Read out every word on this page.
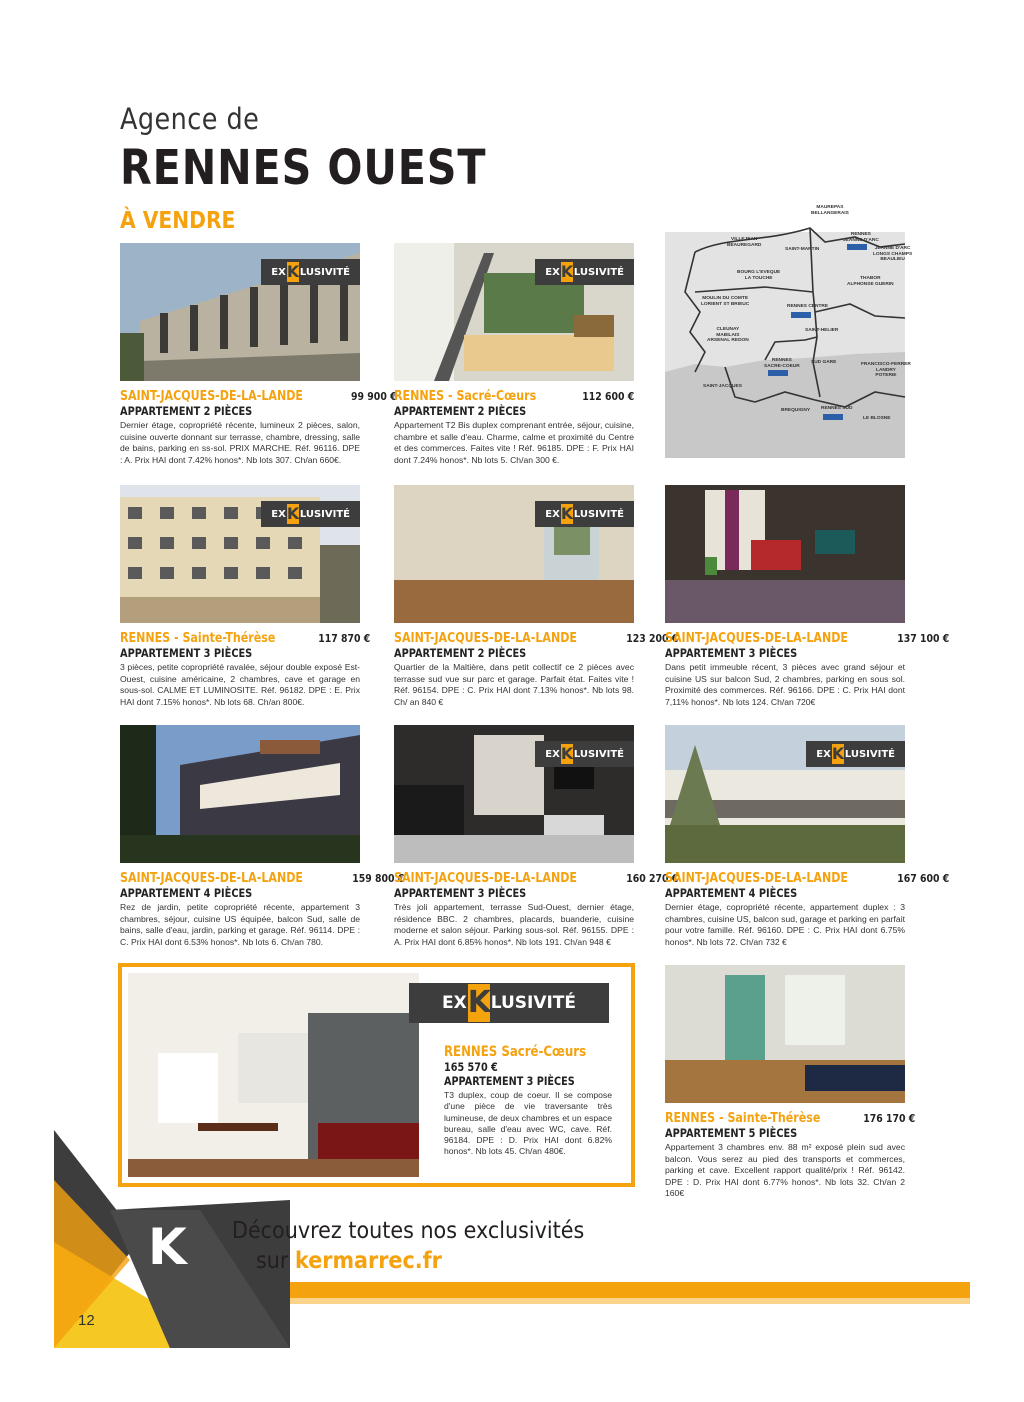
Agence de
RENNES OUEST
À VENDRE
EX K LUSIVITÉ
SAINT-JACQUES-DE-LA-LANDE	99 900 €
APPARTEMENT 2 PIÈCES
Dernier étage, copropriété récente, lumineux 2 pièces, salon, cuisine ouverte donnant sur terrasse, chambre, dressing, salle de bains, parking en ss-sol. PRIX MARCHE. Réf. 96116. DPE : A. Prix HAI dont 7.42% honos*. Nb lots 307. Ch/an 660€.
EX K LUSIVITÉ
RENNES - Sacré-Cœurs	112 600 €
APPARTEMENT 2 PIÈCES
Appartement T2 Bis duplex comprenant entrée, séjour, cuisine, chambre et salle d'eau. Charme, calme et proximité du Centre et des commerces. Faites vite ! Réf. 96185. DPE : F. Prix HAI dont 7.24% honos*. Nb lots 5. Ch/an 300 €.
MAUREPAS
BELLANGERAIS
VILLEJEAN
BEAUREGARD
SAINT-MARTIN
RENNES
JEANNE D'ARC
JEANNE D'ARC
LONGS CHAMPS
BEAULIEU
BOURG L'EVEQUE
LA TOUCHE	THABOR
ALPHONSE GUERIN
MOULIN DU COMTE
LORIENT ST BRIEUC	RENNES CENTRE
SAINT-HELIER
CLEUNAY
MABILAIS
ARSENAL REDON
RENNES
SACRE-COEUR
SUD GARE	FRANCISCO-FERRER
LANDRY
POTERIE
SAINT-JACQUES
BREQUIGNY RENNES SUD
LE BLOSNE
EX K LUSIVITÉ
RENNES - Sainte-Thérèse	117 870 €
APPARTEMENT 3 PIÈCES
3 pièces, petite copropriété ravalée, séjour double exposé Est-Ouest, cuisine américaine, 2 chambres, cave et garage en sous-sol. CALME ET LUMINOSITE. Réf. 96182. DPE : E. Prix HAI dont 7.15% honos*. Nb lots 68. Ch/an 800€.
EX K LUSIVITÉ
SAINT-JACQUES-DE-LA-LANDE	123 200 €
APPARTEMENT 2 PIÈCES
Quartier de la Maltière, dans petit collectif ce 2 pièces avec terrasse sud vue sur parc et garage. Parfait état. Faites vite ! Réf. 96154. DPE : C. Prix HAI dont 7.13% honos*. Nb lots 98. Ch/ an 840 €
SAINT-JACQUES-DE-LA-LANDE	137 100 €
APPARTEMENT 3 PIÈCES
Dans petit immeuble récent, 3 pièces avec grand séjour et cuisine US sur balcon Sud, 2 chambres, parking en sous sol. Proximité des commerces. Réf. 96166. DPE : C. Prix HAI dont 7,11% honos*. Nb lots 124. Ch/an 720€
SAINT-JACQUES-DE-LA-LANDE	159 800 €
APPARTEMENT 4 PIÈCES
Rez de jardin, petite copropriété récente, appartement 3 chambres, séjour, cuisine US équipée, balcon Sud, salle de bains, salle d'eau, jardin, parking et garage. Réf. 96114. DPE : C. Prix HAI dont 6.53% honos*. Nb lots 6. Ch/an 780.
EX K LUSIVITÉ
SAINT-JACQUES-DE-LA-LANDE	160 270 €
APPARTEMENT 3 PIÈCES
Très joli appartement, terrasse Sud-Ouest, dernier étage, résidence BBC. 2 chambres, placards, buanderie, cuisine moderne et salon séjour. Parking sous-sol. Réf. 96155. DPE : A. Prix HAI dont 6.85% honos*. Nb lots 191. Ch/an 948 €
EX K LUSIVITÉ
SAINT-JACQUES-DE-LA-LANDE	167 600 €
APPARTEMENT 4 PIÈCES
Dernier étage, copropriété récente, appartement duplex : 3 chambres, cuisine US, balcon sud, garage et parking en parfait pour votre famille. Réf. 96160. DPE : C. Prix HAI dont 6.75% honos*. Nb lots 72. Ch/an 732 €
RENNES - Sainte-Thérèse	176 170 €
APPARTEMENT 5 PIÈCES
Appartement 3 chambres env. 88 m² exposé plein sud avec balcon. Vous serez au pied des transports et commerces, parking et cave. Excellent rapport qualité/prix ! Réf. 96142. DPE : D. Prix HAI dont 6.77% honos*. Nb lots 32. Ch/an 2 160€
EX K LUSIVITÉ
RENNES Sacré-Cœurs
165 570 €
APPARTEMENT 3 PIÈCES
T3 duplex, coup de coeur. Il se compose d'une pièce de vie traversante très lumineuse, de deux chambres et un espace bureau, salle d'eau avec WC, cave. Réf. 96184. DPE : D. Prix HAI dont 6.82% honos*. Nb lots 45. Ch/an 480€.
K Découvrez toutes nos exclusivités
sur kermarrec.fr
12
